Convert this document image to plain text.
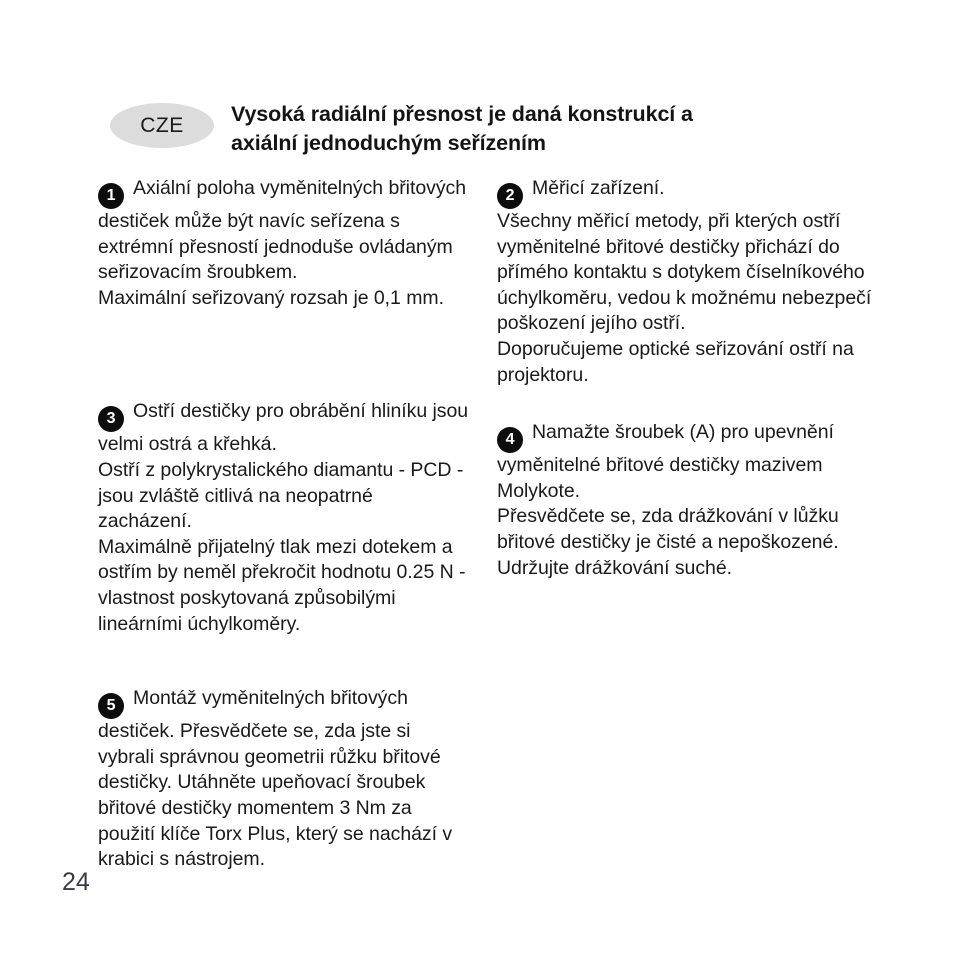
CZE Vysoká radiální přesnost je daná konstrukcí a
axiální jednoduchým seřízením

1 Axiální poloha vyměnitelných břitových destiček může být navíc seřízena s extrémní přesností jednoduše ovládaným seřizovacím šroubkem.

Maximální seřizovaný rozsah je 0,1 mm.

3 Ostří destičky pro obrábění hliníku jsou velmi ostrá a křehká.

Ostří z polykrystalického diamantu - PCD - jsou zvláště citlivá na neopatrné zacházení.

Maximálně přijatelný tlak mezi dotekem a ostřím by neměl překročit hodnotu 0.25 N - vlastnost poskytovaná způsobilými lineárními úchylkoměry.

5 Montáž vyměnitelných břitových destiček. Přesvědčete se, zda jste si vybrali správnou geometrii růžku břitové destičky. Utáhněte upeňovací šroubek břitové destičky momentem 3 Nm za použití klíče Torx Plus, který se nachází v krabici s nástrojem.

2 Měřicí zařízení.

Všechny měřicí metody, při kterých ostří vyměnitelné břitové destičky přichází do přímého kontaktu s dotykem číselníkového úchylkoměru, vedou k možnému nebezpečí poškození jejího ostří.

Doporučujeme optické seřizování ostří na projektoru.

4 Namažte šroubek (A) pro upevnění vyměnitelné břitové destičky mazivem Molykote.

Přesvědčete se, zda drážkování v lůžku břitové destičky je čisté a nepoškozené.

Udržujte drážkování suché.

24
